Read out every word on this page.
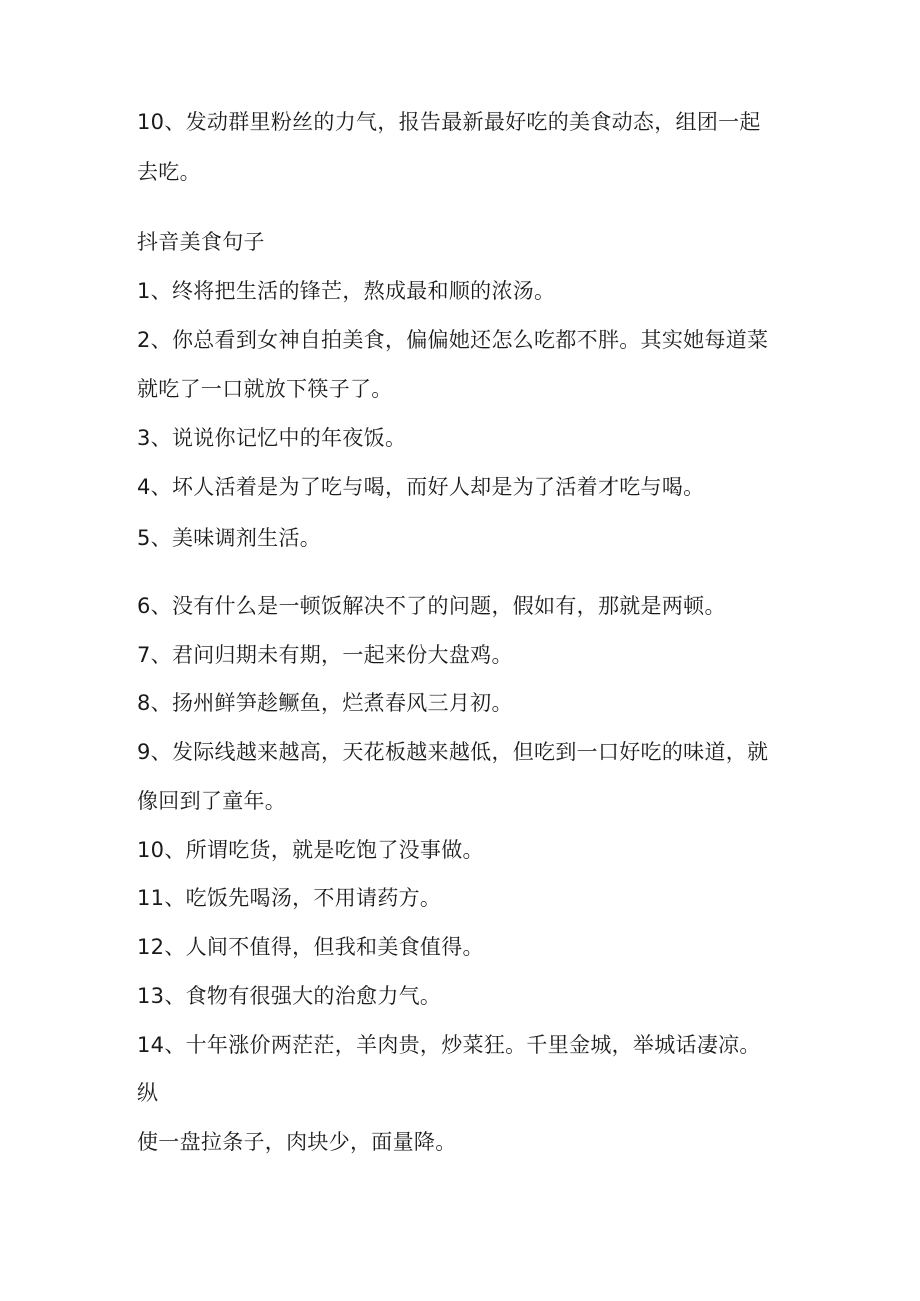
10、发动群里粉丝的力气，报告最新最好吃的美食动态，组团一起
去吃。
抖音美食句子
1、终将把生活的锋芒，熬成最和顺的浓汤。
2、你总看到女神自拍美食，偏偏她还怎么吃都不胖。其实她每道菜
就吃了一口就放下筷子了。
3、说说你记忆中的年夜饭。
4、坏人活着是为了吃与喝，而好人却是为了活着才吃与喝。
5、美味调剂生活。
6、没有什么是一顿饭解决不了的问题，假如有，那就是两顿。
7、君问归期未有期，一起来份大盘鸡。
8、扬州鲜笋趁鳜鱼，烂煮春风三月初。
9、发际线越来越高，天花板越来越低，但吃到一口好吃的味道，就
像回到了童年。
10、所谓吃货，就是吃饱了没事做。
11、吃饭先喝汤，不用请药方。
12、人间不值得，但我和美食值得。
13、食物有很强大的治愈力气。
14、十年涨价两茫茫，羊肉贵，炒菜狂。千里金城，举城话凄凉。
纵
使一盘拉条子，肉块少，面量降。
